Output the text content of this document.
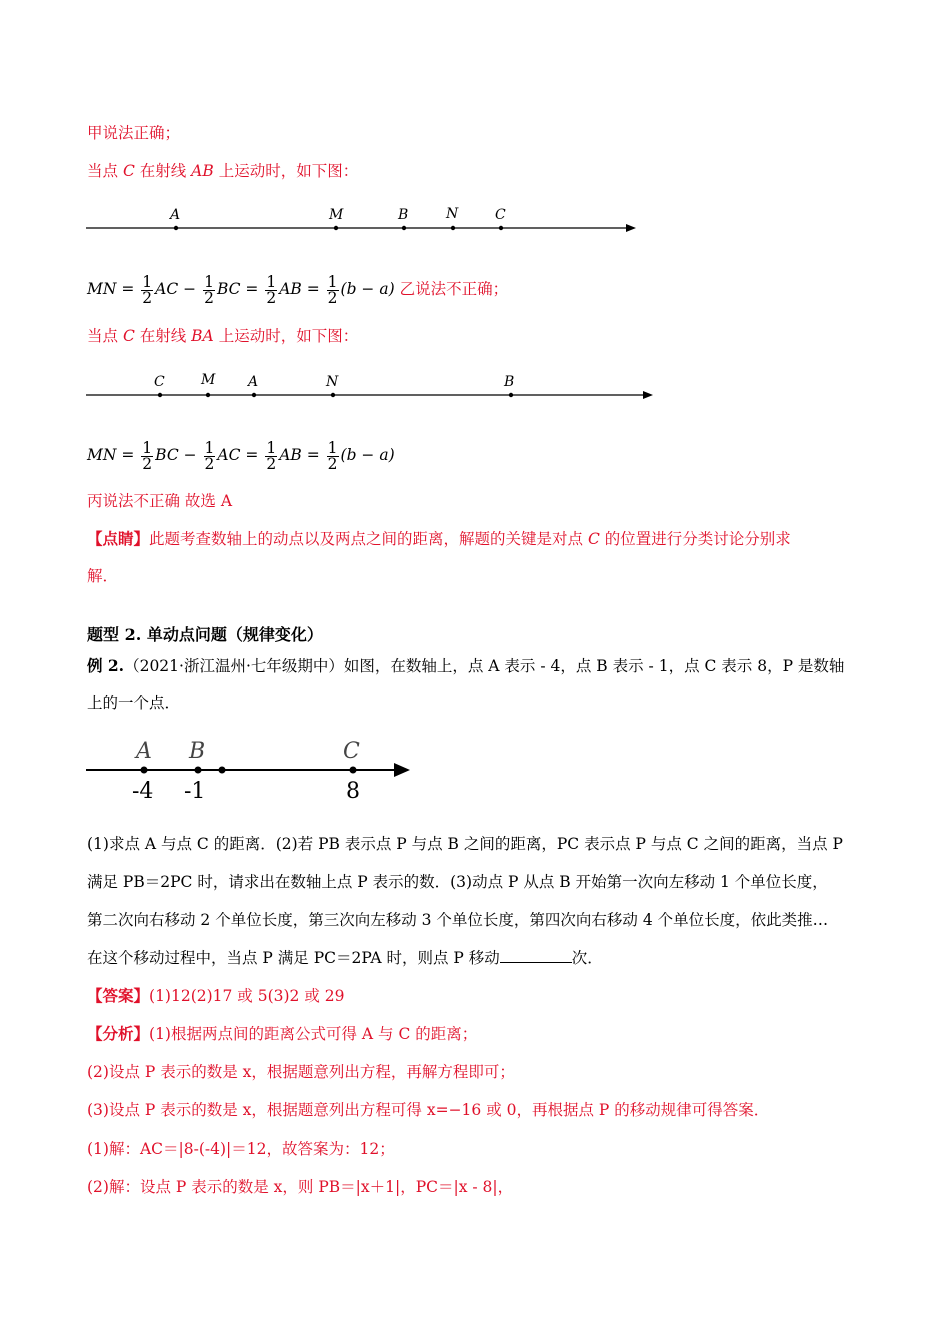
甲说法正确；
当点 C 在射线 AB 上运动时，如下图：
A	M	B	N	C
MN = $\frac{1}{2}$ AC − $\frac{1}{2}$ BC = $\frac{1}{2}$ AB = $\frac{1}{2} (b - a)$ 乙说法不正确；
当点 C 在射线 BA 上运动时，如下图：
C	M A	N	B
MN = $\frac{1}{2}$ BC − $\frac{1}{2}$ AC = $\frac{1}{2}$ AB = $\frac{1}{2} (b - a)$
丙说法不正确 故选 A
【点睛】此题考查数轴上的动点以及两点之间的距离，解题的关键是对点 C 的位置进行分类讨论分别求
解．
题型 2. 单动点问题（规律变化）
例 2.（2021·浙江温州·七年级期中）如图，在数轴上，点 A 表示 - 4，点 B 表示 - 1，点 C 表示 8，P 是数轴
上的一个点．
A B	C
-4 -1	8
(1)求点 A 与点 C 的距离．(2)若 PB 表示点 P 与点 B 之间的距离，PC 表示点 P 与点 C 之间的距离，当点 P
满足 PB＝2PC 时，请求出在数轴上点 P 表示的数．(3)动点 P 从点 B 开始第一次向左移动 1 个单位长度，
第二次向右移动 2 个单位长度，第三次向左移动 3 个单位长度，第四次向右移动 4 个单位长度，依此类推…
在这个移动过程中，当点 P 满足 PC＝2PA 时，则点 P 移动	次．
【答案】(1)12(2)17 或 5(3)2 或 29
【分析】(1)根据两点间的距离公式可得 A 与 C 的距离；
(2)设点 P 表示的数是 x，根据题意列出方程，再解方程即可；
(3)设点 P 表示的数是 x，根据题意列出方程可得 x=−16 或 0，再根据点 P 的移动规律可得答案．
(1)解：AC＝|8-(-4)|＝12，故答案为：12；
(2)解：设点 P 表示的数是 x，则 PB＝|x＋1|，PC＝|x - 8|，
